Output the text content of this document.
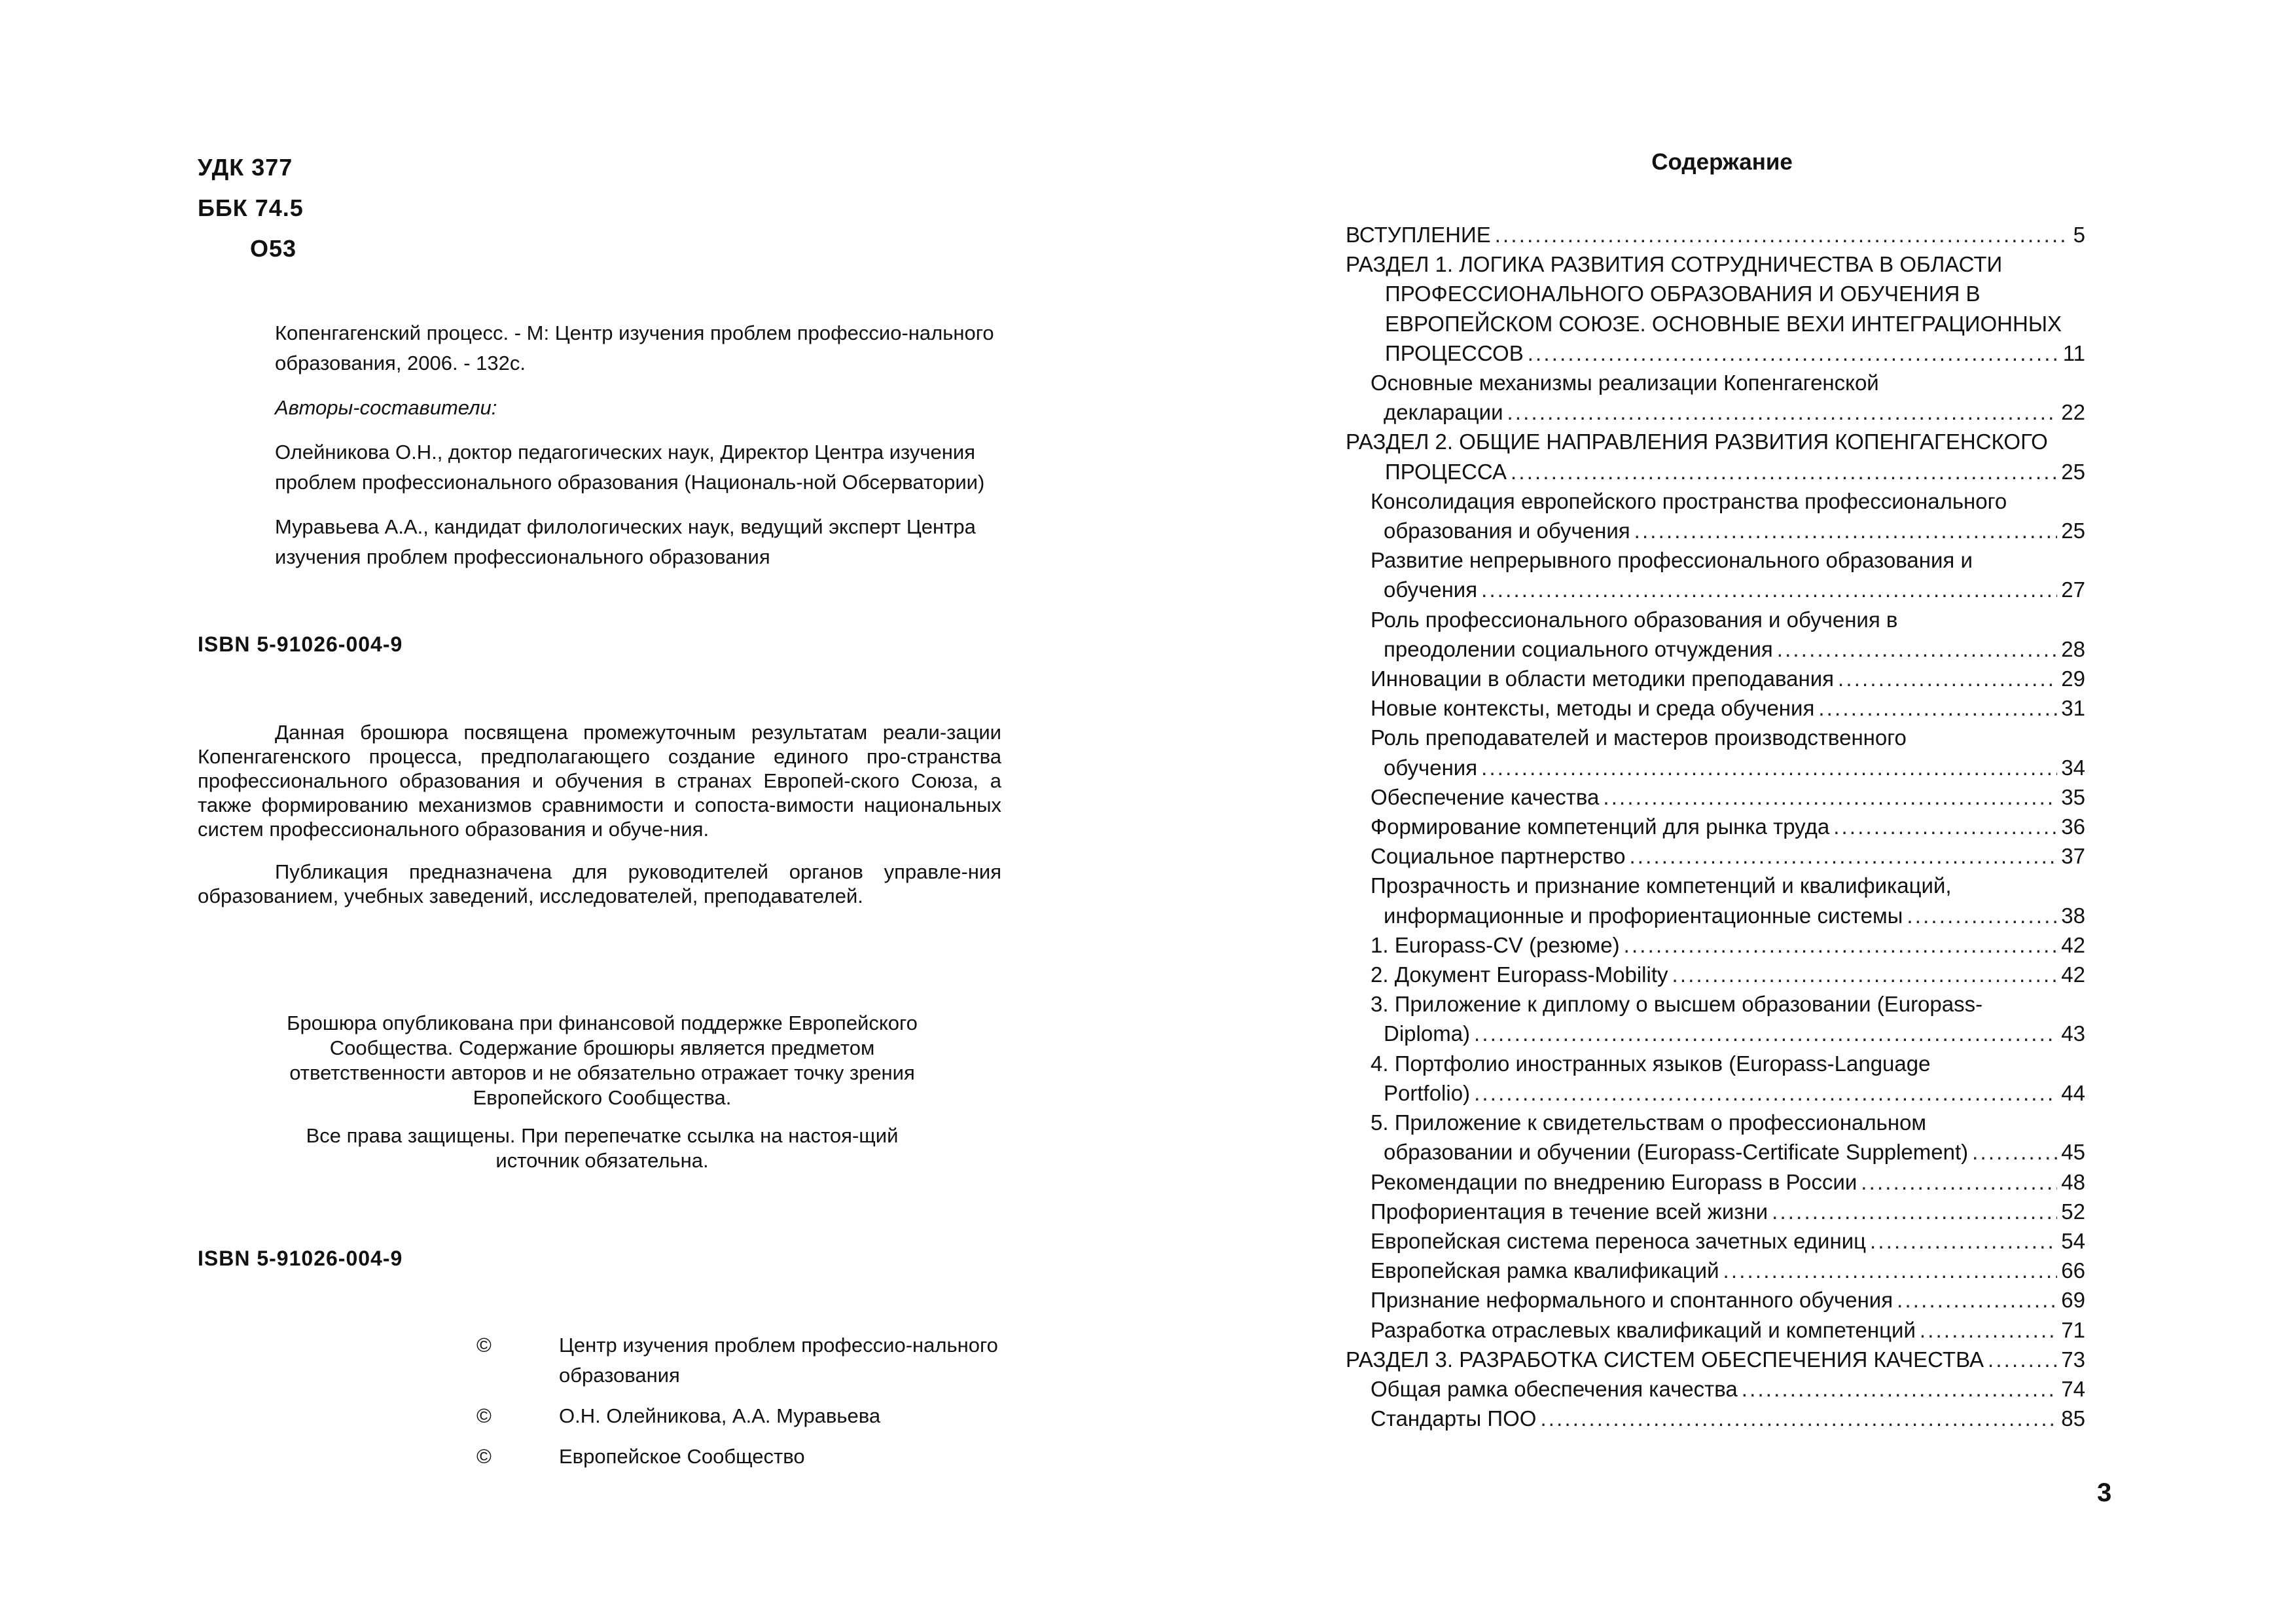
УДК 377
ББК 74.5
О53

Копенгагенский процесс. - М: Центр изучения проблем профессио-нального образования, 2006. - 132с.

Авторы-составители:

Олейникова О.Н., доктор педагогических наук, Директор Центра изучения проблем профессионального образования (Националь-ной Обсерватории)

Муравьева А.А., кандидат филологических наук, ведущий эксперт Центра изучения проблем профессионального образования

ISBN 5-91026-004-9

Данная брошюра посвящена промежуточным результатам реали-зации Копенгагенского процесса, предполагающего создание единого про-странства профессионального образования и обучения в странах Европей-ского Союза, а также формированию механизмов сравнимости и сопоста-вимости национальных систем профессионального образования и обуче-ния.

Публикация предназначена для руководителей органов управле-ния образованием, учебных заведений, исследователей, преподавателей.

Брошюра опубликована при финансовой поддержке Европейского Сообщества. Содержание брошюры является предметом ответственности авторов и не обязательно отражает точку зрения Европейского Сообщества.

Все права защищены. При перепечатке ссылка на настоя-щий источник обязательна.

ISBN 5-91026-004-9
©	Центр изучения проблем профессио-нального образования
©	О.Н. Олейникова, А.А. Муравьева
©	Европейское Сообщество
Содержание
ВСТУПЛЕНИЕ . . .	5
РАЗДЕЛ 1. ЛОГИКА РАЗВИТИЯ СОТРУДНИЧЕСТВА В ОБЛАСТИ
ПРОФЕССИОНАЛЬНОГО ОБРАЗОВАНИЯ И ОБУЧЕНИЯ В
ЕВРОПЕЙСКОМ СОЮЗЕ. ОСНОВНЫЕ ВЕХИ ИНТЕГРАЦИОННЫХ
ПРОЦЕССОВ . . .	11
Основные механизмы реализации Копенгагенской
декларации . . .	22
РАЗДЕЛ 2. ОБЩИЕ НАПРАВЛЕНИЯ РАЗВИТИЯ КОПЕНГАГЕНСКОГО
ПРОЦЕССА . . .	25
Консолидация европейского пространства профессионального
образования и обучения . . .	25
Развитие непрерывного профессионального образования и
обучения . . .	27
Роль профессионального образования и обучения в
преодолении социального отчуждения . . .	28
Инновации в области методики преподавания . . .	29
Новые контексты, методы и среда обучения . . .	31
Роль преподавателей и мастеров производственного
обучения . . .	34
Обеспечение качества . . .	35
Формирование компетенций для рынка труда . . .	36
Социальное партнерство . . .	37
Прозрачность и признание компетенций и квалификаций,
информационные и профориентационные системы . . .	38
1. Europass-CV (резюме) . . .	42
2. Документ Europass-Mobility . . .	42
3. Приложение к диплому о высшем образовании (Europass-
Diploma) . . .	43
4. Портфолио иностранных языков (Europass-Language
Portfolio) . . .	44
5. Приложение к свидетельствам о профессиональном
образовании и обучении (Europass-Certificate Supplement) . . .	45
Рекомендации по внедрению Europass в России . . .	48
Профориентация в течение всей жизни . . .	52
Европейская система переноса зачетных единиц . . .	54
Европейская рамка квалификаций . . .	66
Признание неформального и спонтанного обучения . . .	69
Разработка отраслевых квалификаций и компетенций . . .	71
РАЗДЕЛ 3. РАЗРАБОТКА СИСТЕМ ОБЕСПЕЧЕНИЯ КАЧЕСТВА . . .	73
Общая рамка обеспечения качества . . .	74
Стандарты ПОО . . .	85
3
